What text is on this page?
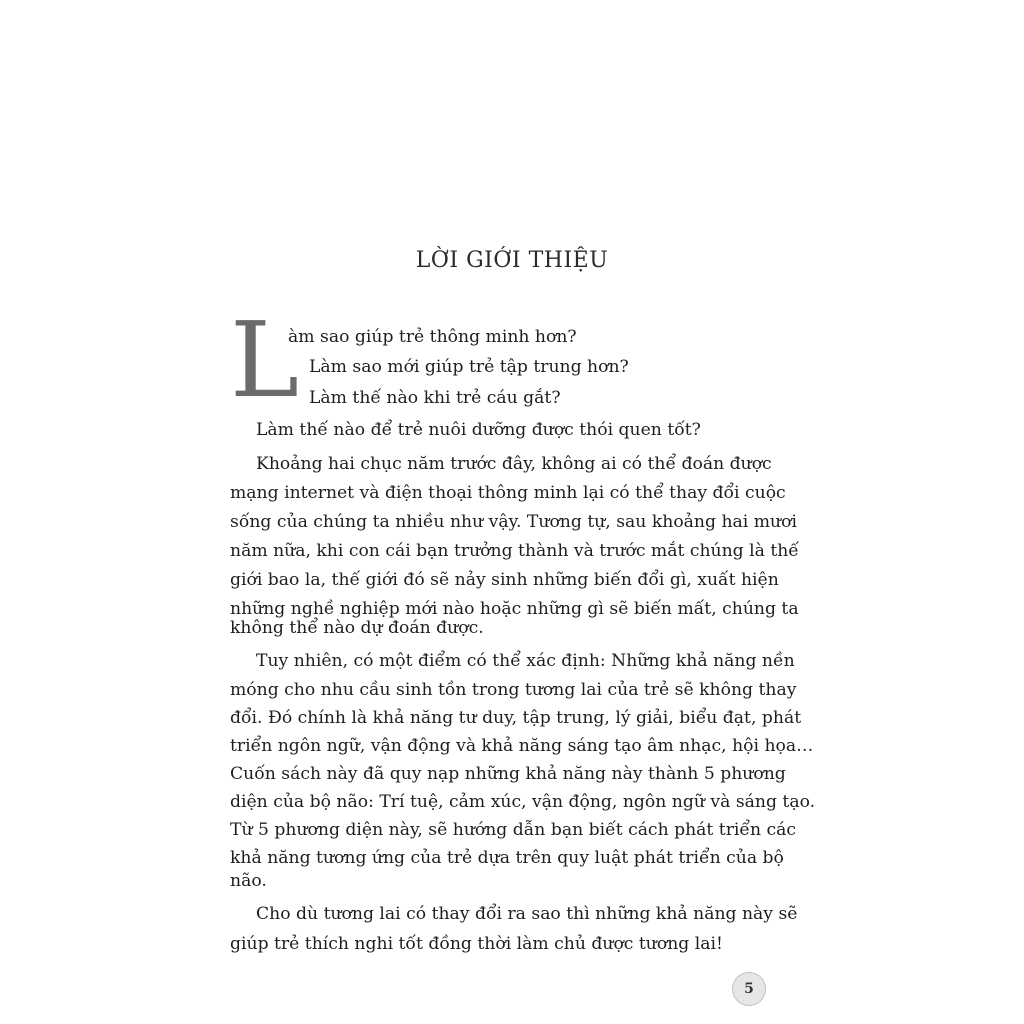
LỜI GIỚI THIỆU
L
àm sao giúp trẻ thông minh hơn?
Làm sao mới giúp trẻ tập trung hơn?
Làm thế nào khi trẻ cáu gắt?
Làm thế nào để trẻ nuôi dưỡng được thói quen tốt?
Khoảng hai chục năm trước đây, không ai có thể đoán được
mạng internet và điện thoại thông minh lại có thể thay đổi cuộc
sống của chúng ta nhiều như vậy. Tương tự, sau khoảng hai mươi
năm nữa, khi con cái bạn trưởng thành và trước mắt chúng là thế
giới bao la, thế giới đó sẽ nảy sinh những biến đổi gì, xuất hiện
những nghề nghiệp mới nào hoặc những gì sẽ biến mất, chúng ta
không thể nào dự đoán được.
Tuy nhiên, có một điểm có thể xác định: Những khả năng nền
móng cho nhu cầu sinh tồn trong tương lai của trẻ sẽ không thay
đổi. Đó chính là khả năng tư duy, tập trung, lý giải, biểu đạt, phát
triển ngôn ngữ, vận động và khả năng sáng tạo âm nhạc, hội họa…
Cuốn sách này đã quy nạp những khả năng này thành 5 phương
diện của bộ não: Trí tuệ, cảm xúc, vận động, ngôn ngữ và sáng tạo.
Từ 5 phương diện này, sẽ hướng dẫn bạn biết cách phát triển các
khả năng tương ứng của trẻ dựa trên quy luật phát triển của bộ
não.
Cho dù tương lai có thay đổi ra sao thì những khả năng này sẽ
giúp trẻ thích nghi tốt đồng thời làm chủ được tương lai!
5
